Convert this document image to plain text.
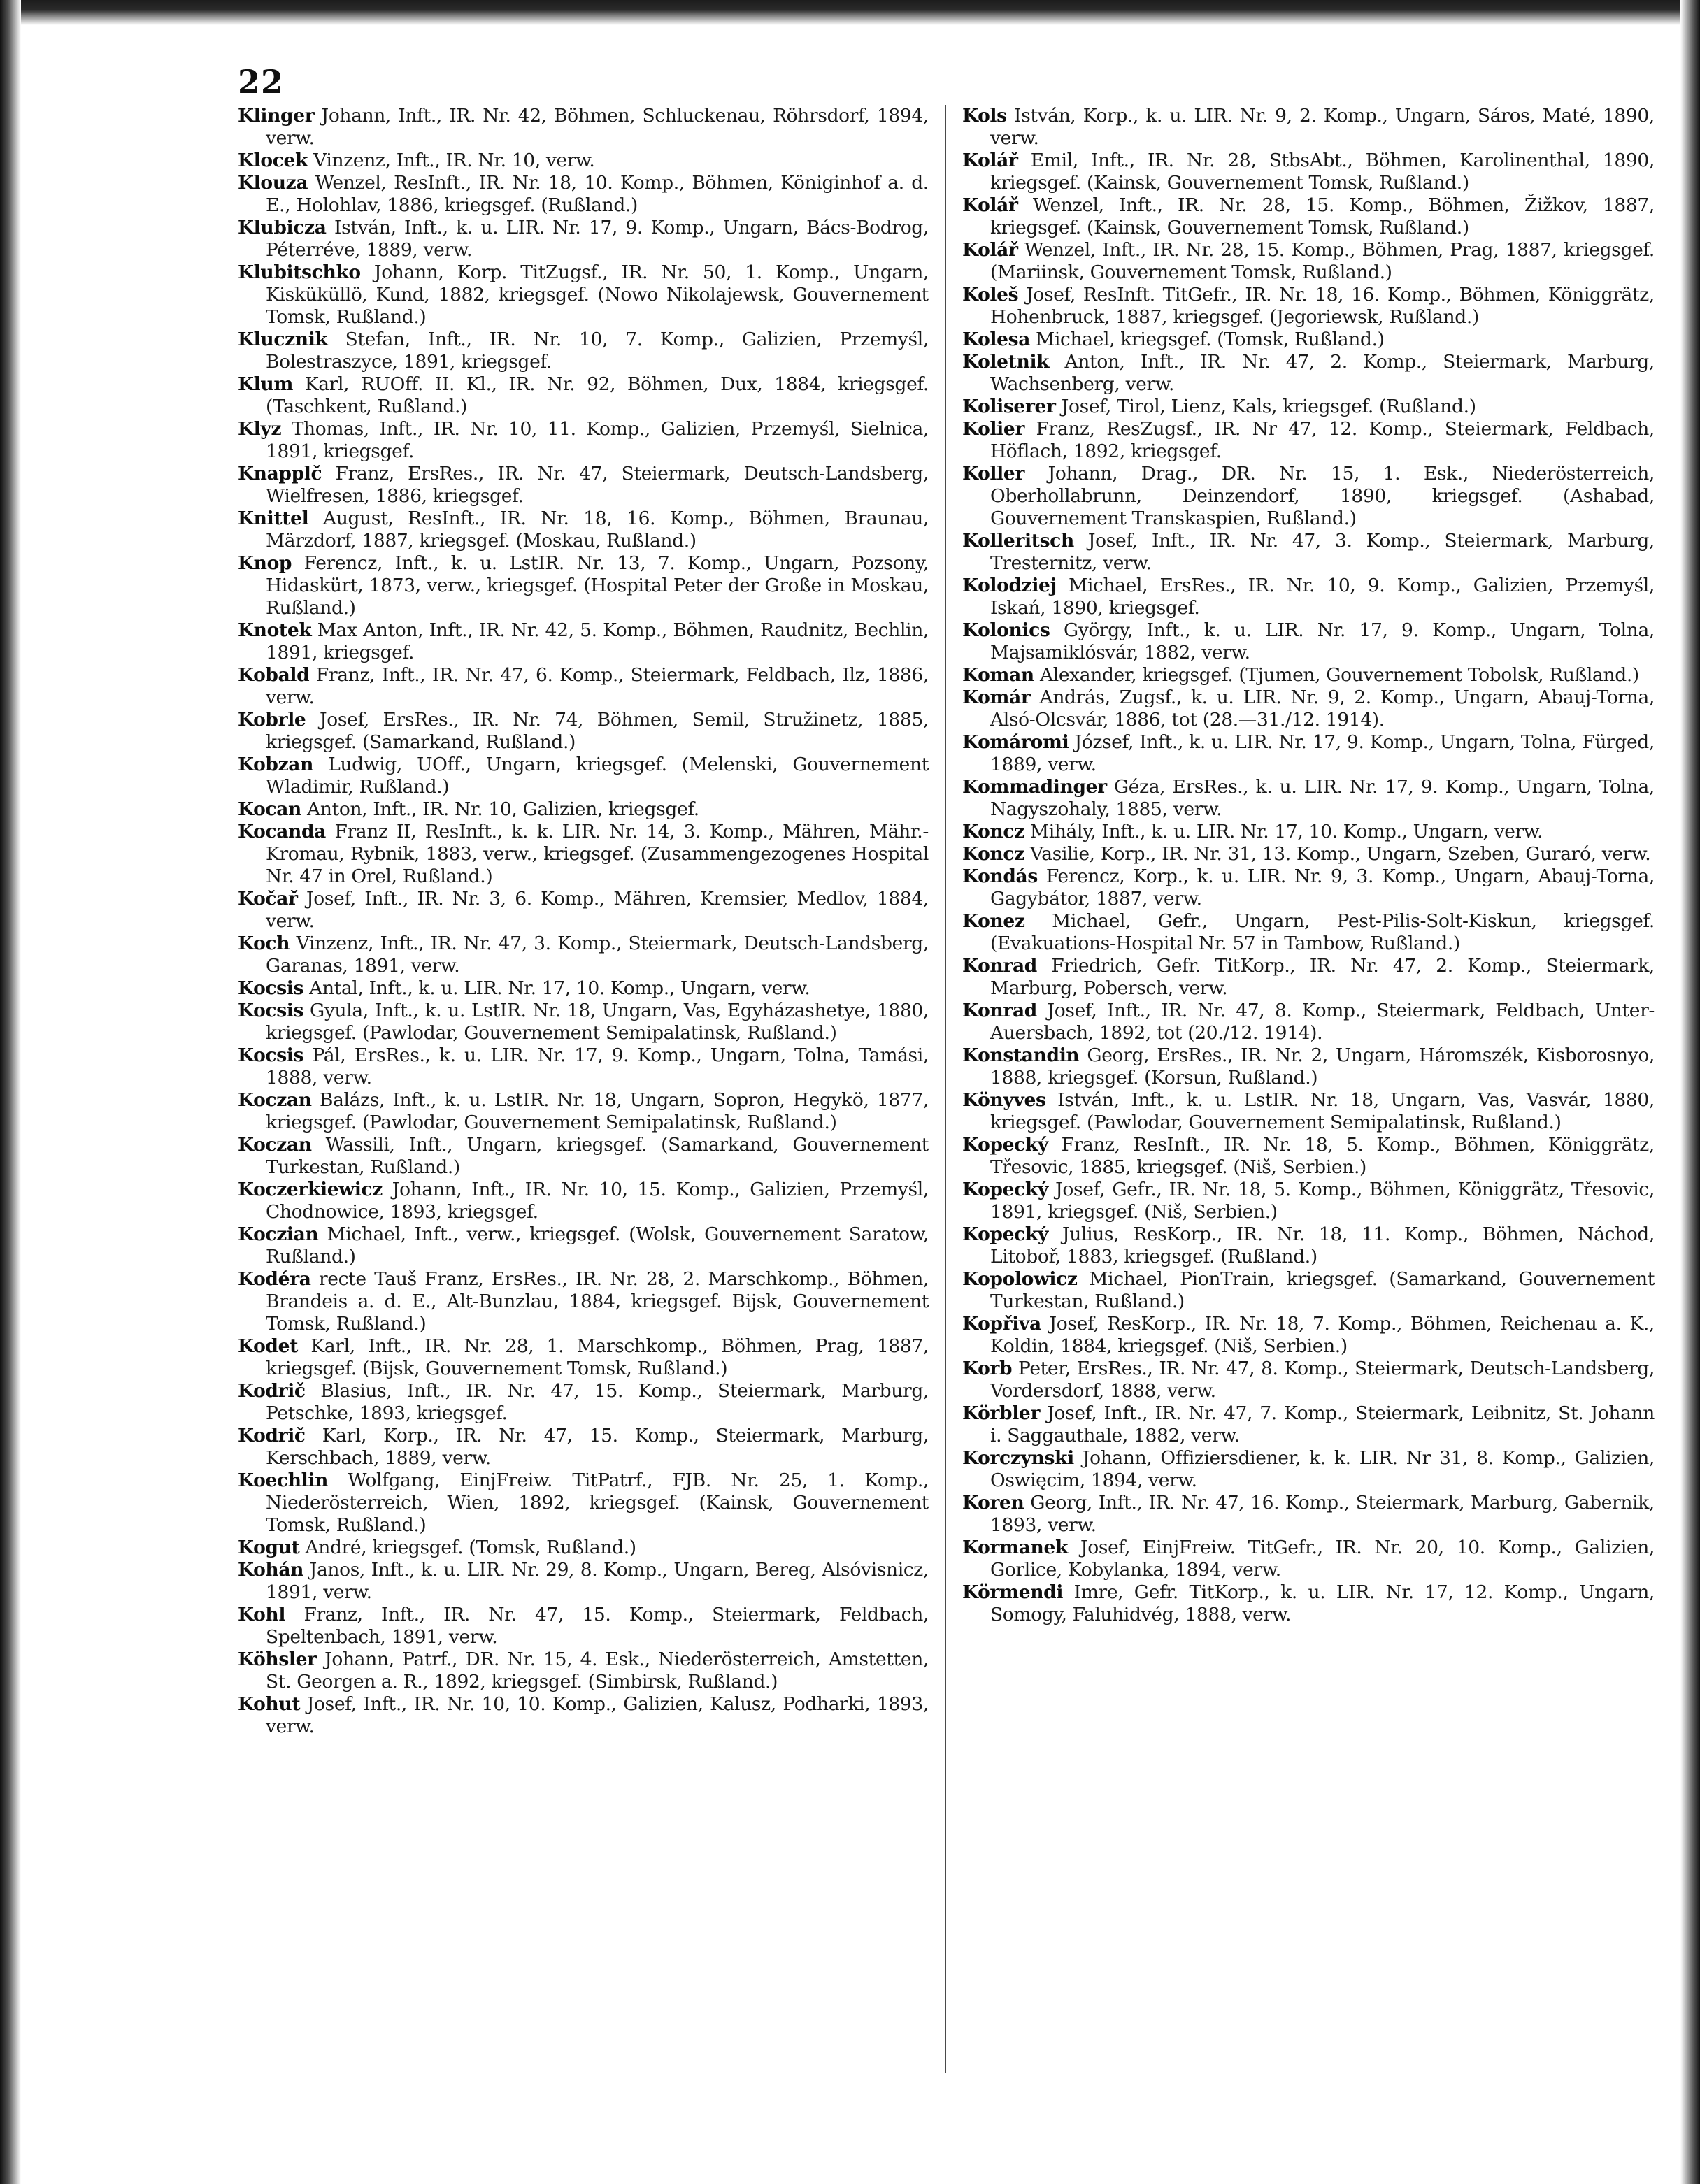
22
Klinger Johann, Inft., IR. Nr. 42, Böhmen, Schluckenau, Röhrsdorf, 1894, verw.
Klocek Vinzenz, Inft., IR. Nr. 10, verw.
Klouza Wenzel, ResInft., IR. Nr. 18, 10. Komp., Böhmen, Königinhof a. d. E., Holohlav, 1886, kriegsgef. (Rußland.)
Klubicza István, Inft., k. u. LIR. Nr. 17, 9. Komp., Ungarn, Bács-Bodrog, Péterréve, 1889, verw.
Klubitschko Johann, Korp. TitZugsf., IR. Nr. 50, 1. Komp., Ungarn, Kisküküllö, Kund, 1882, kriegsgef. (Nowo Nikolajewsk, Gouvernement Tomsk, Rußland.)
Klucznik Stefan, Inft., IR. Nr. 10, 7. Komp., Galizien, Przemyśl, Bolestraszyce, 1891, kriegsgef.
Klum Karl, RUOff. II. Kl., IR. Nr. 92, Böhmen, Dux, 1884, kriegsgef. (Taschkent, Rußland.)
Klyz Thomas, Inft., IR. Nr. 10, 11. Komp., Galizien, Przemyśl, Sielnica, 1891, kriegsgef.
Knapplč Franz, ErsRes., IR. Nr. 47, Steiermark, Deutsch-Landsberg, Wielfresen, 1886, kriegsgef.
Knittel August, ResInft., IR. Nr. 18, 16. Komp., Böhmen, Braunau, Märzdorf, 1887, kriegsgef. (Moskau, Rußland.)
Knop Ferencz, Inft., k. u. LstIR. Nr. 13, 7. Komp., Ungarn, Pozsony, Hidaskürt, 1873, verw., kriegsgef. (Hospital Peter der Große in Moskau, Rußland.)
Knotek Max Anton, Inft., IR. Nr. 42, 5. Komp., Böhmen, Raudnitz, Bechlin, 1891, kriegsgef.
Kobald Franz, Inft., IR. Nr. 47, 6. Komp., Steiermark, Feldbach, Ilz, 1886, verw.
Kobrle Josef, ErsRes., IR. Nr. 74, Böhmen, Semil, Stružinetz, 1885, kriegsgef. (Samarkand, Rußland.)
Kobzan Ludwig, UOff., Ungarn, kriegsgef. (Melenski, Gouvernement Wladimir, Rußland.)
Kocan Anton, Inft., IR. Nr. 10, Galizien, kriegsgef.
Kocanda Franz II, ResInft., k. k. LIR. Nr. 14, 3. Komp., Mähren, Mähr.-Kromau, Rybnik, 1883, verw., kriegsgef. (Zusammengezogenes Hospital Nr. 47 in Orel, Rußland.)
Kočař Josef, Inft., IR. Nr. 3, 6. Komp., Mähren, Kremsier, Medlov, 1884, verw.
Koch Vinzenz, Inft., IR. Nr. 47, 3. Komp., Steiermark, Deutsch-Landsberg, Garanas, 1891, verw.
Kocsis Antal, Inft., k. u. LIR. Nr. 17, 10. Komp., Ungarn, verw.
Kocsis Gyula, Inft., k. u. LstIR. Nr. 18, Ungarn, Vas, Egyházashetye, 1880, kriegsgef. (Pawlodar, Gouvernement Semipalatinsk, Rußland.)
Kocsis Pál, ErsRes., k. u. LIR. Nr. 17, 9. Komp., Ungarn, Tolna, Tamási, 1888, verw.
Koczan Balázs, Inft., k. u. LstIR. Nr. 18, Ungarn, Sopron, Hegykö, 1877, kriegsgef. (Pawlodar, Gouvernement Semipalatinsk, Rußland.)
Koczan Wassili, Inft., Ungarn, kriegsgef. (Samarkand, Gouvernement Turkestan, Rußland.)
Koczerkiewicz Johann, Inft., IR. Nr. 10, 15. Komp., Galizien, Przemyśl, Chodnowice, 1893, kriegsgef.
Koczian Michael, Inft., verw., kriegsgef. (Wolsk, Gouvernement Saratow, Rußland.)
Kodéra recte Tauš Franz, ErsRes., IR. Nr. 28, 2. Marschkomp., Böhmen, Brandeis a. d. E., Alt-Bunzlau, 1884, kriegsgef. Bijsk, Gouvernement Tomsk, Rußland.)
Kodet Karl, Inft., IR. Nr. 28, 1. Marschkomp., Böhmen, Prag, 1887, kriegsgef. (Bijsk, Gouvernement Tomsk, Rußland.)
Kodrič Blasius, Inft., IR. Nr. 47, 15. Komp., Steiermark, Marburg, Petschke, 1893, kriegsgef.
Kodrič Karl, Korp., IR. Nr. 47, 15. Komp., Steiermark, Marburg, Kerschbach, 1889, verw.
Koechlin Wolfgang, EinjFreiw. TitPatrf., FJB. Nr. 25, 1. Komp., Niederösterreich, Wien, 1892, kriegsgef. (Kainsk, Gouvernement Tomsk, Rußland.)
Kogut André, kriegsgef. (Tomsk, Rußland.)
Kohán Janos, Inft., k. u. LIR. Nr. 29, 8. Komp., Ungarn, Bereg, Alsóvisnicz, 1891, verw.
Kohl Franz, Inft., IR. Nr. 47, 15. Komp., Steiermark, Feldbach, Speltenbach, 1891, verw.
Köhsler Johann, Patrf., DR. Nr. 15, 4. Esk., Niederösterreich, Amstetten, St. Georgen a. R., 1892, kriegsgef. (Simbirsk, Rußland.)
Kohut Josef, Inft., IR. Nr. 10, 10. Komp., Galizien, Kalusz, Podharki, 1893, verw.
Kols István, Korp., k. u. LIR. Nr. 9, 2. Komp., Ungarn, Sáros, Maté, 1890, verw.
Kolář Emil, Inft., IR. Nr. 28, StbsAbt., Böhmen, Karolinenthal, 1890, kriegsgef. (Kainsk, Gouvernement Tomsk, Rußland.)
Kolář Wenzel, Inft., IR. Nr. 28, 15. Komp., Böhmen, Žižkov, 1887, kriegsgef. (Kainsk, Gouvernement Tomsk, Rußland.)
Kolář Wenzel, Inft., IR. Nr. 28, 15. Komp., Böhmen, Prag, 1887, kriegsgef. (Mariinsk, Gouvernement Tomsk, Rußland.)
Koleš Josef, ResInft. TitGefr., IR. Nr. 18, 16. Komp., Böhmen, Königgrätz, Hohenbruck, 1887, kriegsgef. (Jegoriewsk, Rußland.)
Kolesa Michael, kriegsgef. (Tomsk, Rußland.)
Koletnik Anton, Inft., IR. Nr. 47, 2. Komp., Steiermark, Marburg, Wachsenberg, verw.
Koliserer Josef, Tirol, Lienz, Kals, kriegsgef. (Rußland.)
Kolier Franz, ResZugsf., IR. Nr 47, 12. Komp., Steiermark, Feldbach, Höflach, 1892, kriegsgef.
Koller Johann, Drag., DR. Nr. 15, 1. Esk., Niederösterreich, Oberhollabrunn, Deinzendorf, 1890, kriegsgef. (Ashabad, Gouvernement Transkaspien, Rußland.)
Kolleritsch Josef, Inft., IR. Nr. 47, 3. Komp., Steiermark, Marburg, Tresternitz, verw.
Kolodziej Michael, ErsRes., IR. Nr. 10, 9. Komp., Galizien, Przemyśl, Iskań, 1890, kriegsgef.
Kolonics György, Inft., k. u. LIR. Nr. 17, 9. Komp., Ungarn, Tolna, Majsamiklósvár, 1882, verw.
Koman Alexander, kriegsgef. (Tjumen, Gouvernement Tobolsk, Rußland.)
Komár András, Zugsf., k. u. LIR. Nr. 9, 2. Komp., Ungarn, Abauj-Torna, Alsó-Olcsvár, 1886, tot (28.—31./12. 1914).
Komáromi József, Inft., k. u. LIR. Nr. 17, 9. Komp., Ungarn, Tolna, Fürged, 1889, verw.
Kommadinger Géza, ErsRes., k. u. LIR. Nr. 17, 9. Komp., Ungarn, Tolna, Nagyszohaly, 1885, verw.
Koncz Mihály, Inft., k. u. LIR. Nr. 17, 10. Komp., Ungarn, verw.
Koncz Vasilie, Korp., IR. Nr. 31, 13. Komp., Ungarn, Szeben, Guraró, verw.
Kondás Ferencz, Korp., k. u. LIR. Nr. 9, 3. Komp., Ungarn, Abauj-Torna, Gagybátor, 1887, verw.
Konez Michael, Gefr., Ungarn, Pest-Pilis-Solt-Kiskun, kriegsgef. (Evakuations-Hospital Nr. 57 in Tambow, Rußland.)
Konrad Friedrich, Gefr. TitKorp., IR. Nr. 47, 2. Komp., Steiermark, Marburg, Pobersch, verw.
Konrad Josef, Inft., IR. Nr. 47, 8. Komp., Steiermark, Feldbach, Unter-Auersbach, 1892, tot (20./12. 1914).
Konstandin Georg, ErsRes., IR. Nr. 2, Ungarn, Háromszék, Kisborosnyo, 1888, kriegsgef. (Korsun, Rußland.)
Könyves István, Inft., k. u. LstIR. Nr. 18, Ungarn, Vas, Vasvár, 1880, kriegsgef. (Pawlodar, Gouvernement Semipalatinsk, Rußland.)
Kopecký Franz, ResInft., IR. Nr. 18, 5. Komp., Böhmen, Königgrätz, Třesovic, 1885, kriegsgef. (Niš, Serbien.)
Kopecký Josef, Gefr., IR. Nr. 18, 5. Komp., Böhmen, Königgrätz, Třesovic, 1891, kriegsgef. (Niš, Serbien.)
Kopecký Julius, ResKorp., IR. Nr. 18, 11. Komp., Böhmen, Náchod, Litoboř, 1883, kriegsgef. (Rußland.)
Kopolowicz Michael, PionTrain, kriegsgef. (Samarkand, Gouvernement Turkestan, Rußland.)
Kopřiva Josef, ResKorp., IR. Nr. 18, 7. Komp., Böhmen, Reichenau a. K., Koldin, 1884, kriegsgef. (Niš, Serbien.)
Korb Peter, ErsRes., IR. Nr. 47, 8. Komp., Steiermark, Deutsch-Landsberg, Vordersdorf, 1888, verw.
Körbler Josef, Inft., IR. Nr. 47, 7. Komp., Steiermark, Leibnitz, St. Johann i. Saggauthale, 1882, verw.
Korczynski Johann, Offiziersdiener, k. k. LIR. Nr 31, 8. Komp., Galizien, Oswięcim, 1894, verw.
Koren Georg, Inft., IR. Nr. 47, 16. Komp., Steiermark, Marburg, Gabernik, 1893, verw.
Kormanek Josef, EinjFreiw. TitGefr., IR. Nr. 20, 10. Komp., Galizien, Gorlice, Kobylanka, 1894, verw.
Körmendi Imre, Gefr. TitKorp., k. u. LIR. Nr. 17, 12. Komp., Ungarn, Somogy, Faluhidvég, 1888, verw.
